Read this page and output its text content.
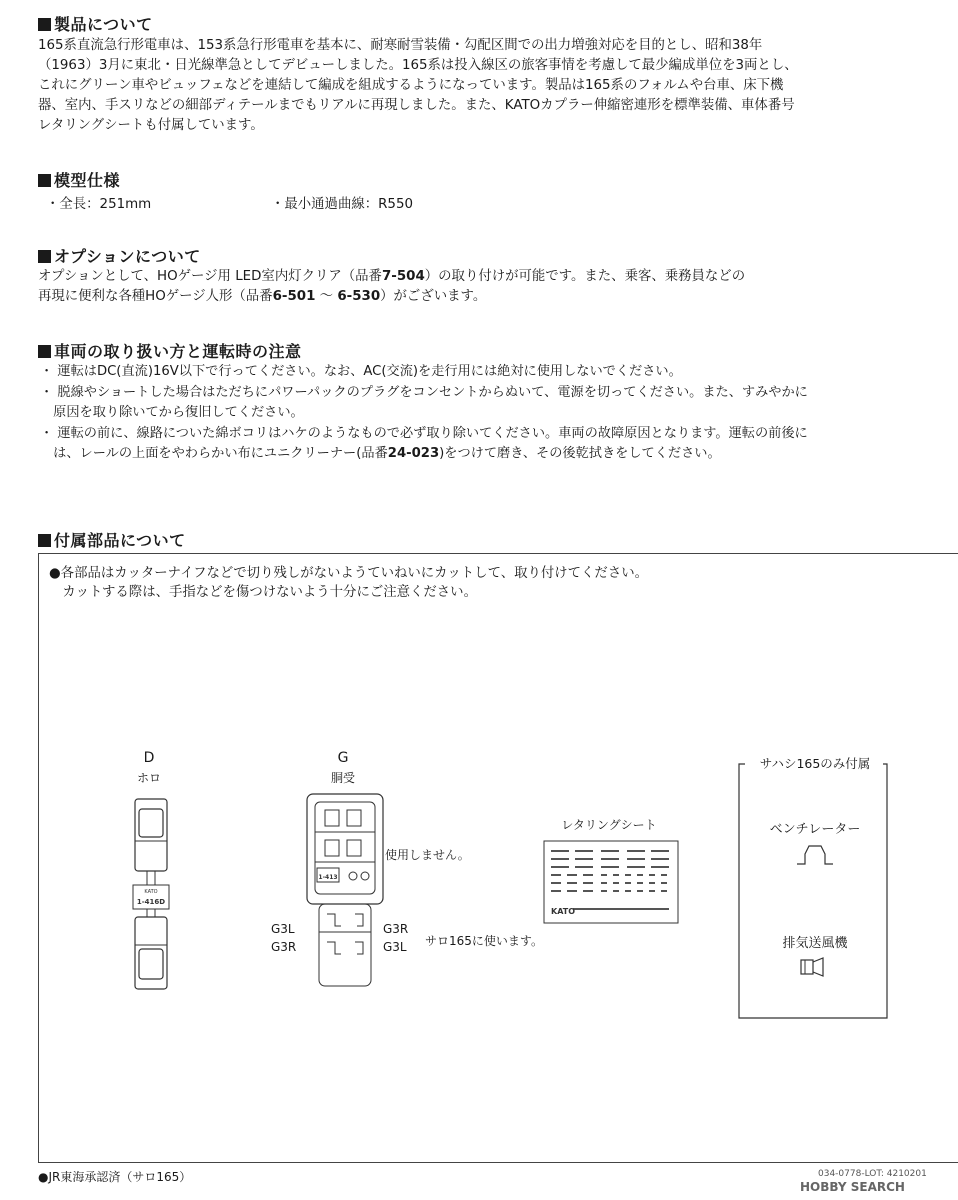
製品について
165系直流急行形電車は、153系急行形電車を基本に、耐寒耐雪装備・勾配区間での出力増強対応を目的とし、昭和38年
（1963）3月に東北・日光線準急としてデビューしました。165系は投入線区の旅客事情を考慮して最少編成単位を3両とし、
これにグリーン車やビュッフェなどを連結して編成を組成するようになっています。製品は165系のフォルムや台車、床下機
器、室内、手スリなどの細部ディテールまでもリアルに再現しました。また、KATOカプラー伸縮密連形を標準装備、車体番号
レタリングシートも付属しています。
模型仕様
・全長：251mm	・最小通過曲線：R550
オプションについて
オプションとして、HOゲージ用 LED室内灯クリア（品番7-504）の取り付けが可能です。また、乗客、乗務員などの
再現に便利な各種HOゲージ人形（品番6-501 ～ 6-530）がございます。
車両の取り扱い方と運転時の注意
・ 運転はDC(直流)16V以下で行ってください。なお、AC(交流)を走行用には絶対に使用しないでください。
・ 脱線やショートした場合はただちにパワーパックのプラグをコンセントからぬいて、電源を切ってください。また、すみやかに
　原因を取り除いてから復旧してください。
・ 運転の前に、線路についた綿ボコリはハケのようなもので必ず取り除いてください。車両の故障原因となります。運転の前後に
　は、レールの上面をやわらかい布にユニクリーナー(品番24-023)をつけて磨き、その後乾拭きをしてください。
付属部品について
●各部品はカッターナイフなどで切り残しがないようていねいにカットして、取り付けてください。
　カットする際は、手指などを傷つけないよう十分にご注意ください。
D
ホロ
KATO
1-416D
G
胴受
1-413
使用しません。
G3L
G3R
G3R
G3L サロ165に使います。
レタリングシート
KATO
サハシ165のみ付属
ベンチレーター
排気送風機
●JR東海承認済（サロ165）	034-0778-LOT: 4210201
HOBBY SEARCH
